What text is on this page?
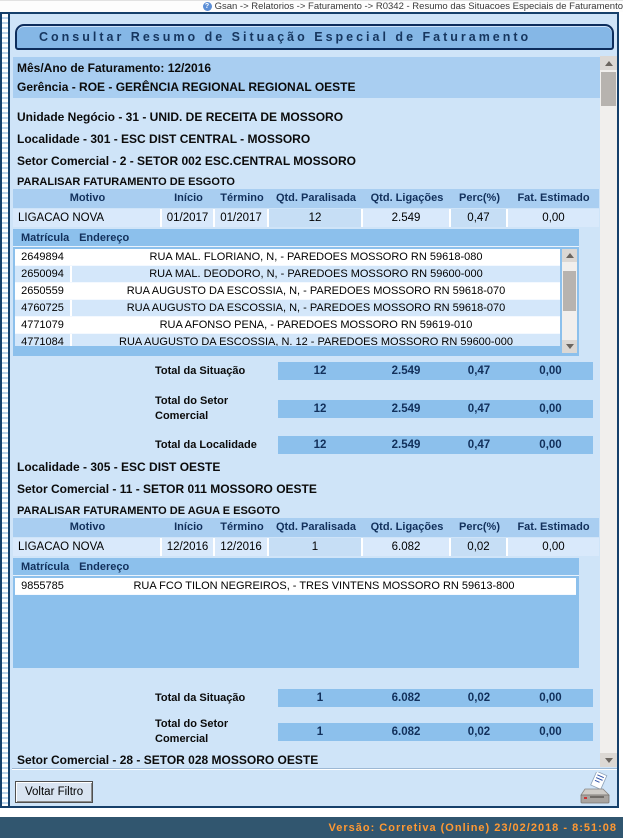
? Gsan -> Relatorios -> Faturamento -> R0342 - Resumo das Situacoes Especiais de Faturamento
Consultar Resumo de Situação Especial de Faturamento
Mês/Ano de Faturamento: 12/2016
Gerência - ROE - GERÊNCIA REGIONAL REGIONAL OESTE
Unidade Negócio - 31 - UNID. DE RECEITA DE MOSSORO
Localidade - 301 - ESC DIST CENTRAL - MOSSORO
Setor Comercial - 2 - SETOR 002 ESC.CENTRAL MOSSORO
PARALISAR FATURAMENTO DE ESGOTO
Motivo	Início	Término	Qtd. Paralisada	Qtd. Ligações	Perc(%)	Fat. Estimado
LIGACAO NOVA	01/2017	01/2017	12	2.549	0,47	0,00
Matrícula Endereço
2649894	RUA MAL. FLORIANO, N, - PAREDOES MOSSORO RN 59618-080
2650094	RUA MAL. DEODORO, N, - PAREDOES MOSSORO RN 59600-000
2650559	RUA AUGUSTO DA ESCOSSIA, N, - PAREDOES MOSSORO RN 59618-070
4760725	RUA AUGUSTO DA ESCOSSIA, N, - PAREDOES MOSSORO RN 59618-070
4771079	RUA AFONSO PENA, - PAREDOES MOSSORO RN 59619-010
4771084	RUA AUGUSTO DA ESCOSSIA, N. 12 - PAREDOES MOSSORO RN 59600-000
Total da Situação	12	2.549	0,47	0,00
Total do Setor Comercial
12	2.549	0,47	0,00
Total da Localidade	12	2.549	0,47	0,00
Localidade - 305 - ESC DIST OESTE
Setor Comercial - 11 - SETOR 011 MOSSORO OESTE
PARALISAR FATURAMENTO DE AGUA E ESGOTO
Motivo	Início	Término	Qtd. Paralisada	Qtd. Ligações	Perc(%)	Fat. Estimado
LIGACAO NOVA	12/2016	12/2016	1	6.082	0,02	0,00
Matrícula Endereço
9855785	RUA FCO TILON NEGREIROS, - TRES VINTENS MOSSORO RN 59613-800
Total da Situação	1	6.082	0,02	0,00
Total do Setor Comercial
1	6.082	0,02	0,00
Setor Comercial - 28 - SETOR 028 MOSSORO OESTE
Voltar Filtro
Versão: Corretiva (Online) 23/02/2018 - 8:51:08
